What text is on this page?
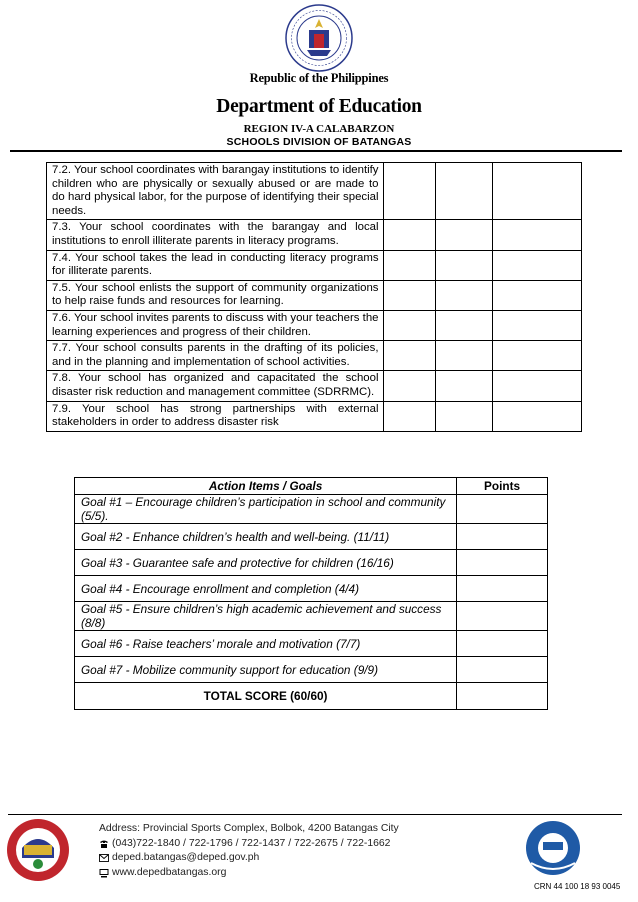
Republic of the Philippines
Department of Education
REGION IV-A CALABARZON
SCHOOLS DIVISION OF BATANGAS
7.2. Your school coordinates with barangay institutions to identify children who are physically or sexually abused or are made to do hard physical labor, for the purpose of identifying their special needs.			
7.3. Your school coordinates with the barangay and local institutions to enroll illiterate parents in literacy programs.			
7.4. Your school takes the lead in conducting literacy programs for illiterate parents.			
7.5. Your school enlists the support of community organizations to help raise funds and resources for learning.			
7.6. Your school invites parents to discuss with your teachers the learning experiences and progress of their children.			
7.7. Your school consults parents in the drafting of its policies, and in the planning and implementation of school activities.			
7.8. Your school has organized and capacitated the school disaster risk reduction and management committee (SDRRMC).			
7.9. Your school has strong partnerships with external stakeholders in order to address disaster risk			
Action Items / Goals	Points
Goal #1 – Encourage children’s participation in school and community (5/5).	
Goal #2 - Enhance children’s health and well-being. (11/11)	
Goal #3 - Guarantee safe and protective for children (16/16)	
Goal #4 - Encourage enrollment and completion (4/4)	
Goal #5 - Ensure children’s high academic achievement and success (8/8)	
Goal #6 - Raise teachers’ morale and motivation (7/7)	
Goal #7 - Mobilize community support for education (9/9)	
TOTAL SCORE (60/60)	
Address: Provincial Sports Complex, Bolbok, 4200 Batangas City
(043)722-1840 / 722-1796 / 722-1437 / 722-2675 / 722-1662
deped.batangas@deped.gov.ph
www.depedbatangas.org
CRN 44 100 18 93 0045
